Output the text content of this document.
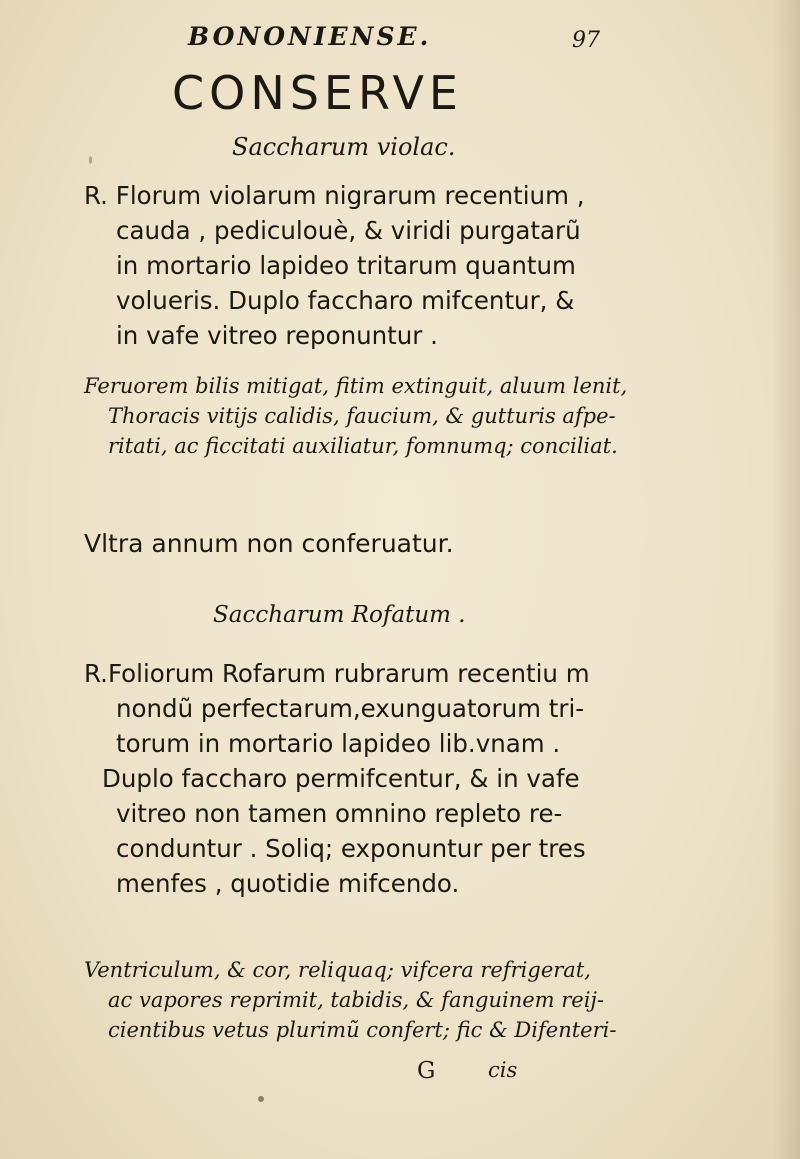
BONONIENSE.	97
CONSERVE
Saccharum violac.
R. Florum violarum nigrarum recentium ,
cauda , pediculouè, & viridi purgatarũ
in mortario lapideo tritarum quantum
volueris. Duplo faccharo mifcentur, &
in vafe vitreo reponuntur .
Feruorem bilis mitigat, fitim extinguit, aluum lenit,
Thoracis vitijs calidis, faucium, & gutturis afpe-
ritati, ac ficcitati auxiliatur, fomnumq; conciliat.
Vltra annum non conferuatur.
Saccharum Rofatum .
R.Foliorum Rofarum rubrarum recentiu m
nondũ perfectarum,exunguatorum tri-
torum in mortario lapideo lib.vnam .
Duplo faccharo permifcentur, & in vafe
vitreo non tamen omnino repleto re-
conduntur . Soliq; exponuntur per tres
menfes , quotidie mifcendo.
Ventriculum, & cor, reliquaq; vifcera refrigerat,
ac vapores reprimit, tabidis, & fanguinem reij-
cientibus vetus plurimũ confert; fic & Difenteri-
G	cis
